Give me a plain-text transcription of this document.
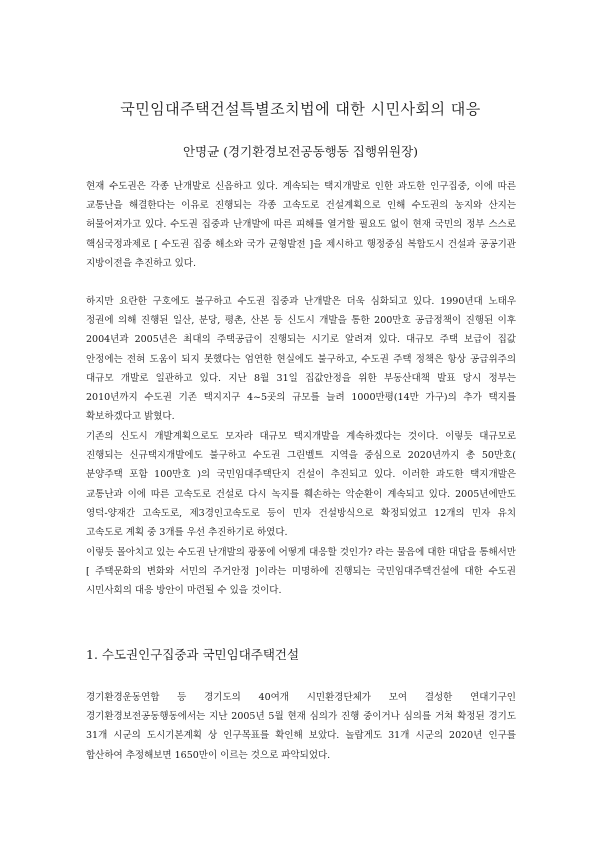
국민임대주택건설특별조치법에 대한 시민사회의 대응
안명균 (경기환경보전공동행동 집행위원장)

현재 수도권은 각종 난개발로 신음하고 있다. 계속되는 택지개발로 인한 과도한 인구집중, 이에 따른 교통난을 해결한다는 이유로 진행되는 각종 고속도로 건설계획으로 인해 수도권의 농지와 산지는 허물어져가고 있다. 수도권 집중과 난개발에 따른 피해를 열거할 필요도 없이 현재 국민의 정부 스스로 핵심국정과제로 [ 수도권 집중 해소와 국가 균형발전 ]을 제시하고 행정중심 복합도시 건설과 공공기관 지방이전을 추진하고 있다.

하지만 요란한 구호에도 불구하고 수도권 집중과 난개발은 더욱 심화되고 있다. 1990년대 노태우 정권에 의해 진행된 일산, 분당, 평촌, 산본 등 신도시 개발을 통한 200만호 공급정책이 진행된 이후 2004년과 2005년은 최대의 주택공급이 진행되는 시기로 알려져 있다. 대규모 주택 보급이 집값 안정에는 전혀 도움이 되지 못했다는 엄연한 현실에도 불구하고, 수도권 주택 정책은 항상 공급위주의 대규모 개발로 일관하고 있다. 지난 8월 31일 집값안정을 위한 부동산대책 발표 당시 정부는 2010년까지 수도권 기존 택지지구 4~5곳의 규모를 늘려 1000만평(14만 가구)의 추가 택지를 확보하겠다고 밝혔다.

기존의 신도시 개발계획으로도 모자라 대규모 택지개발을 계속하겠다는 것이다. 이렇듯 대규모로 진행되는 신규택지개발에도 불구하고 수도권 그린벨트 지역을 중심으로 2020년까지 총 50만호( 분양주택 포함 100만호 )의 국민임대주택단지 건설이 추진되고 있다. 이러한 과도한 택지개발은 교통난과 이에 따른 고속도로 건설로 다시 녹지를 훼손하는 악순환이 계속되고 있다. 2005년에만도 영덕-양재간 고속도로, 제3경인고속도로 등이 민자 건설방식으로 확정되었고 12개의 민자 유치 고속도로 계획 중 3개를 우선 추진하기로 하였다.

이렇듯 몰아치고 있는 수도권 난개발의 광풍에 어떻게 대응할 것인가? 라는 물음에 대한 대답을 통해서만 [ 주택문화의 변화와 서민의 주거안정 ]이라는 미명하에 진행되는 국민임대주택건설에 대한 수도권 시민사회의 대응 방안이 마련될 수 있을 것이다.

1. 수도권인구집중과 국민임대주택건설

경기환경운동연합 등 경기도의 40여개 시민환경단체가 모여 결성한 연대기구인 경기환경보전공동행동에서는 지난 2005년 5월 현재 심의가 진행 중이거나 심의를 거쳐 확정된 경기도 31개 시군의 도시기본계획 상 인구목표를 확인해 보았다. 놀랍게도 31개 시군의 2020년 인구를 합산하여 추정해보면 1650만이 이르는 것으로 파악되었다.
